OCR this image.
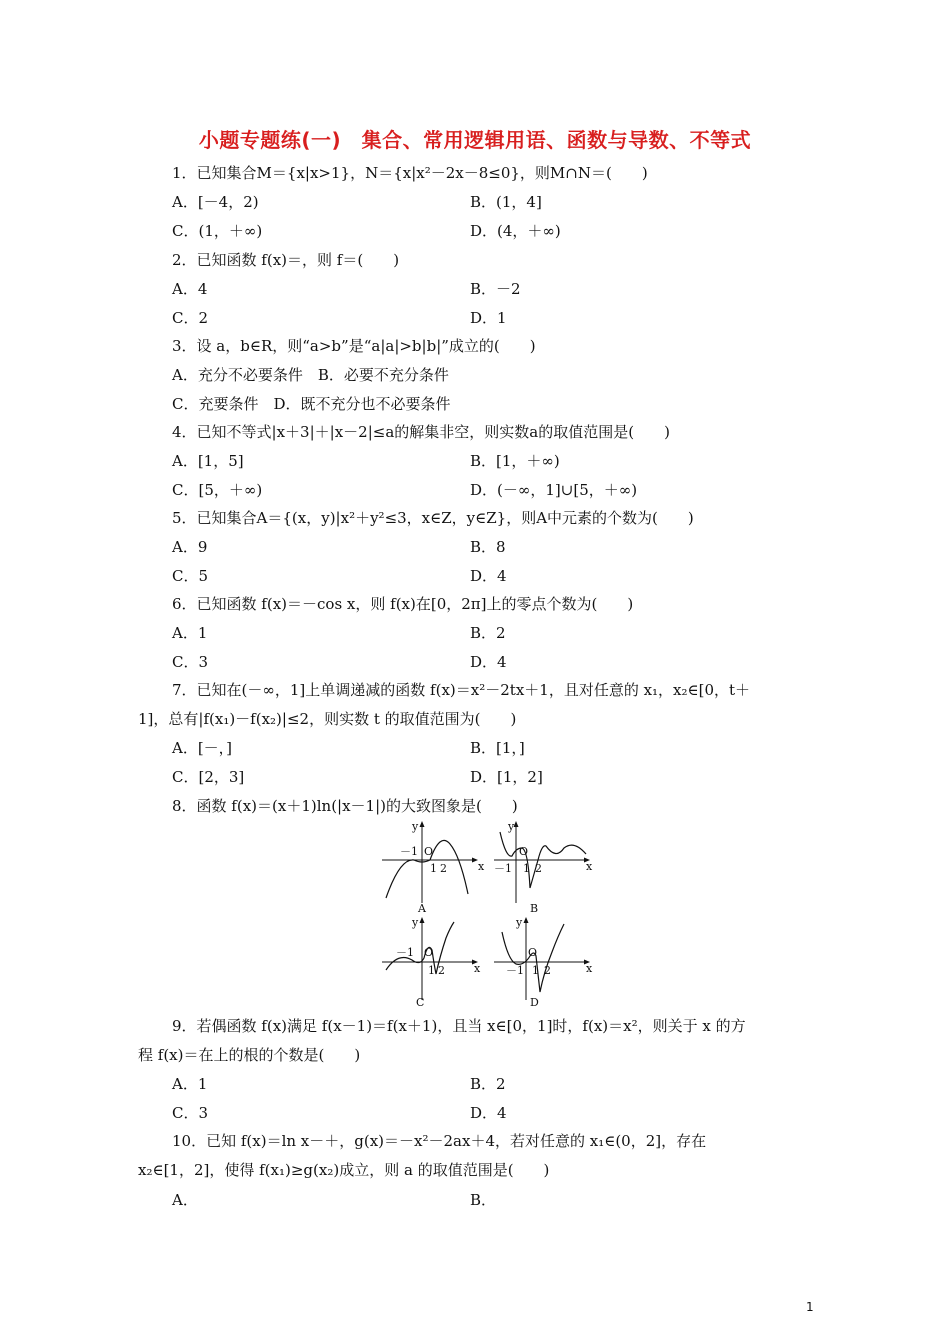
小题专题练(一)　集合、常用逻辑用语、函数与导数、不等式
1．已知集合M＝{x|x>1}，N＝{x|x²－2x－8≤0}，则M∩N＝(　　)
A．[－4，2)	B．(1，4]
C．(1，＋∞)	D．(4，＋∞)
2．已知函数 f(x)＝，则 f＝(　　)
A．4	B．－2
C．2	D．1
3．设 a，b∈R，则“a>b”是“a|a|>b|b|”成立的(　　)
A．充分不必要条件　B．必要不充分条件
C．充要条件　D．既不充分也不必要条件
4．已知不等式|x＋3|＋|x－2|≤a的解集非空，则实数a的取值范围是(　　)
A．[1，5]	B．[1，＋∞)
C．[5，＋∞)	D．(－∞，1]∪[5，＋∞)
5．已知集合A＝{(x，y)|x²＋y²≤3，x∈Z，y∈Z}，则A中元素的个数为(　　)
A．9	B．8
C．5	D．4
6．已知函数 f(x)＝－cos x，则 f(x)在[0，2π]上的零点个数为(　　)
A．1	B．2
C．3	D．4
7．已知在(－∞，1]上单调递减的函数 f(x)＝x²－2tx＋1，且对任意的 x₁，x₂∈[0，t＋
1]，总有|f(x₁)－f(x₂)|≤2，则实数 t 的取值范围为(　　)
A．[－，]	B．[1，]
C．[2，3]	D．[1，2]
8．函数 f(x)＝(x＋1)ln(|x－1|)的大致图象是(　　)
y
x
－1 O
1 2
A
y
x
－1
O
1 2
B
y
x
－1 O
1 2
C
y
x
－1
O
1 2
D
9．若偶函数 f(x)满足 f(x－1)＝f(x＋1)，且当 x∈[0，1]时，f(x)＝x²，则关于 x 的方
程 f(x)＝在上的根的个数是(　　)
A．1	B．2
C．3	D．4
10．已知 f(x)＝ln x－＋，g(x)＝－x²－2ax＋4，若对任意的 x₁∈(0，2]，存在
x₂∈[1，2]，使得 f(x₁)≥g(x₂)成立，则 a 的取值范围是(　　)
A．	B．
1
